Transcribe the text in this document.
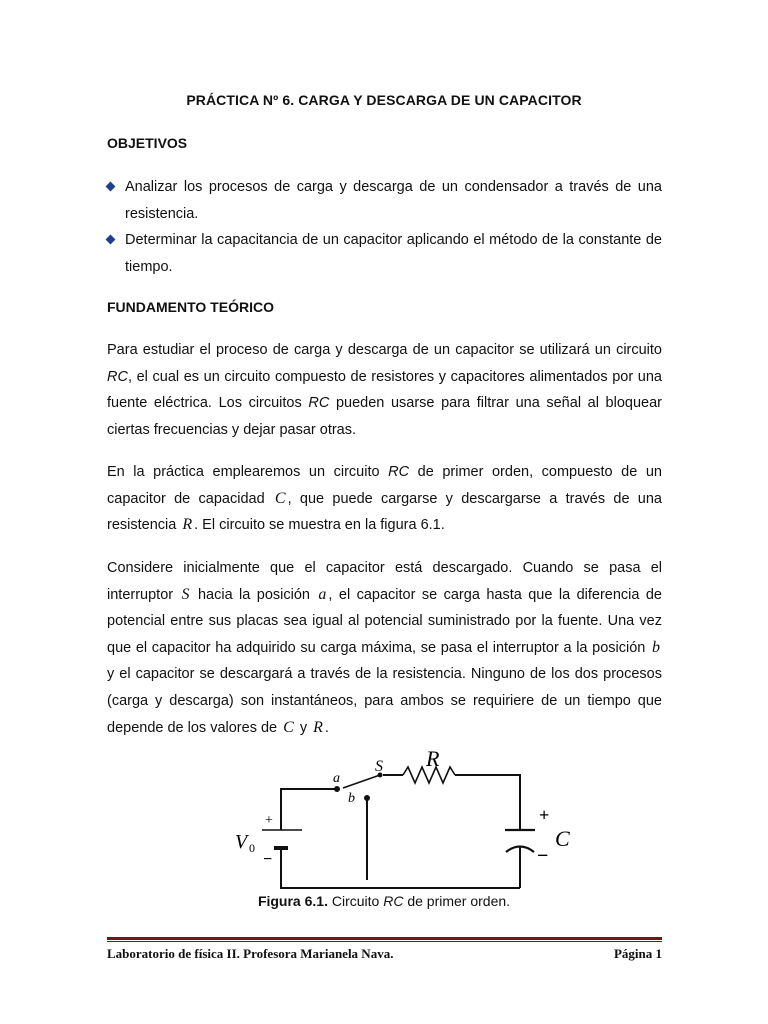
PRÁCTICA Nº 6. CARGA Y DESCARGA DE UN CAPACITOR
OBJETIVOS
Analizar los procesos de carga y descarga de un condensador a través de una resistencia.
Determinar la capacitancia de un capacitor aplicando el método de la constante de tiempo.
FUNDAMENTO TEÓRICO

Para estudiar el proceso de carga y descarga de un capacitor se utilizará un circuito RC, el cual es un circuito compuesto de resistores y capacitores alimentados por una fuente eléctrica. Los circuitos RC pueden usarse para filtrar una señal al bloquear ciertas frecuencias y dejar pasar otras.

En la práctica emplearemos un circuito RC de primer orden, compuesto de un capacitor de capacidad C , que puede cargarse y descargarse a través de una resistencia R . El circuito se muestra en la figura 6.1.

Considere inicialmente que el capacitor está descargado. Cuando se pasa el interruptor S hacia la posición a , el capacitor se carga hasta que la diferencia de potencial entre sus placas sea igual al potencial suministrado por la fuente. Una vez que el capacitor ha adquirido su carga máxima, se pasa el interruptor a la posición b y el capacitor se descargará a través de la resistencia. Ninguno de los dos procesos (carga y descarga) son instantáneos, para ambos se requiriere de un tiempo que depende de los valores de C y R .

a
b
S R
+
−
V 0
+
−
C
Figura 6.1. Circuito RC de primer orden.
Laboratorio de física II. Profesora Marianela Nava.	Página 1
